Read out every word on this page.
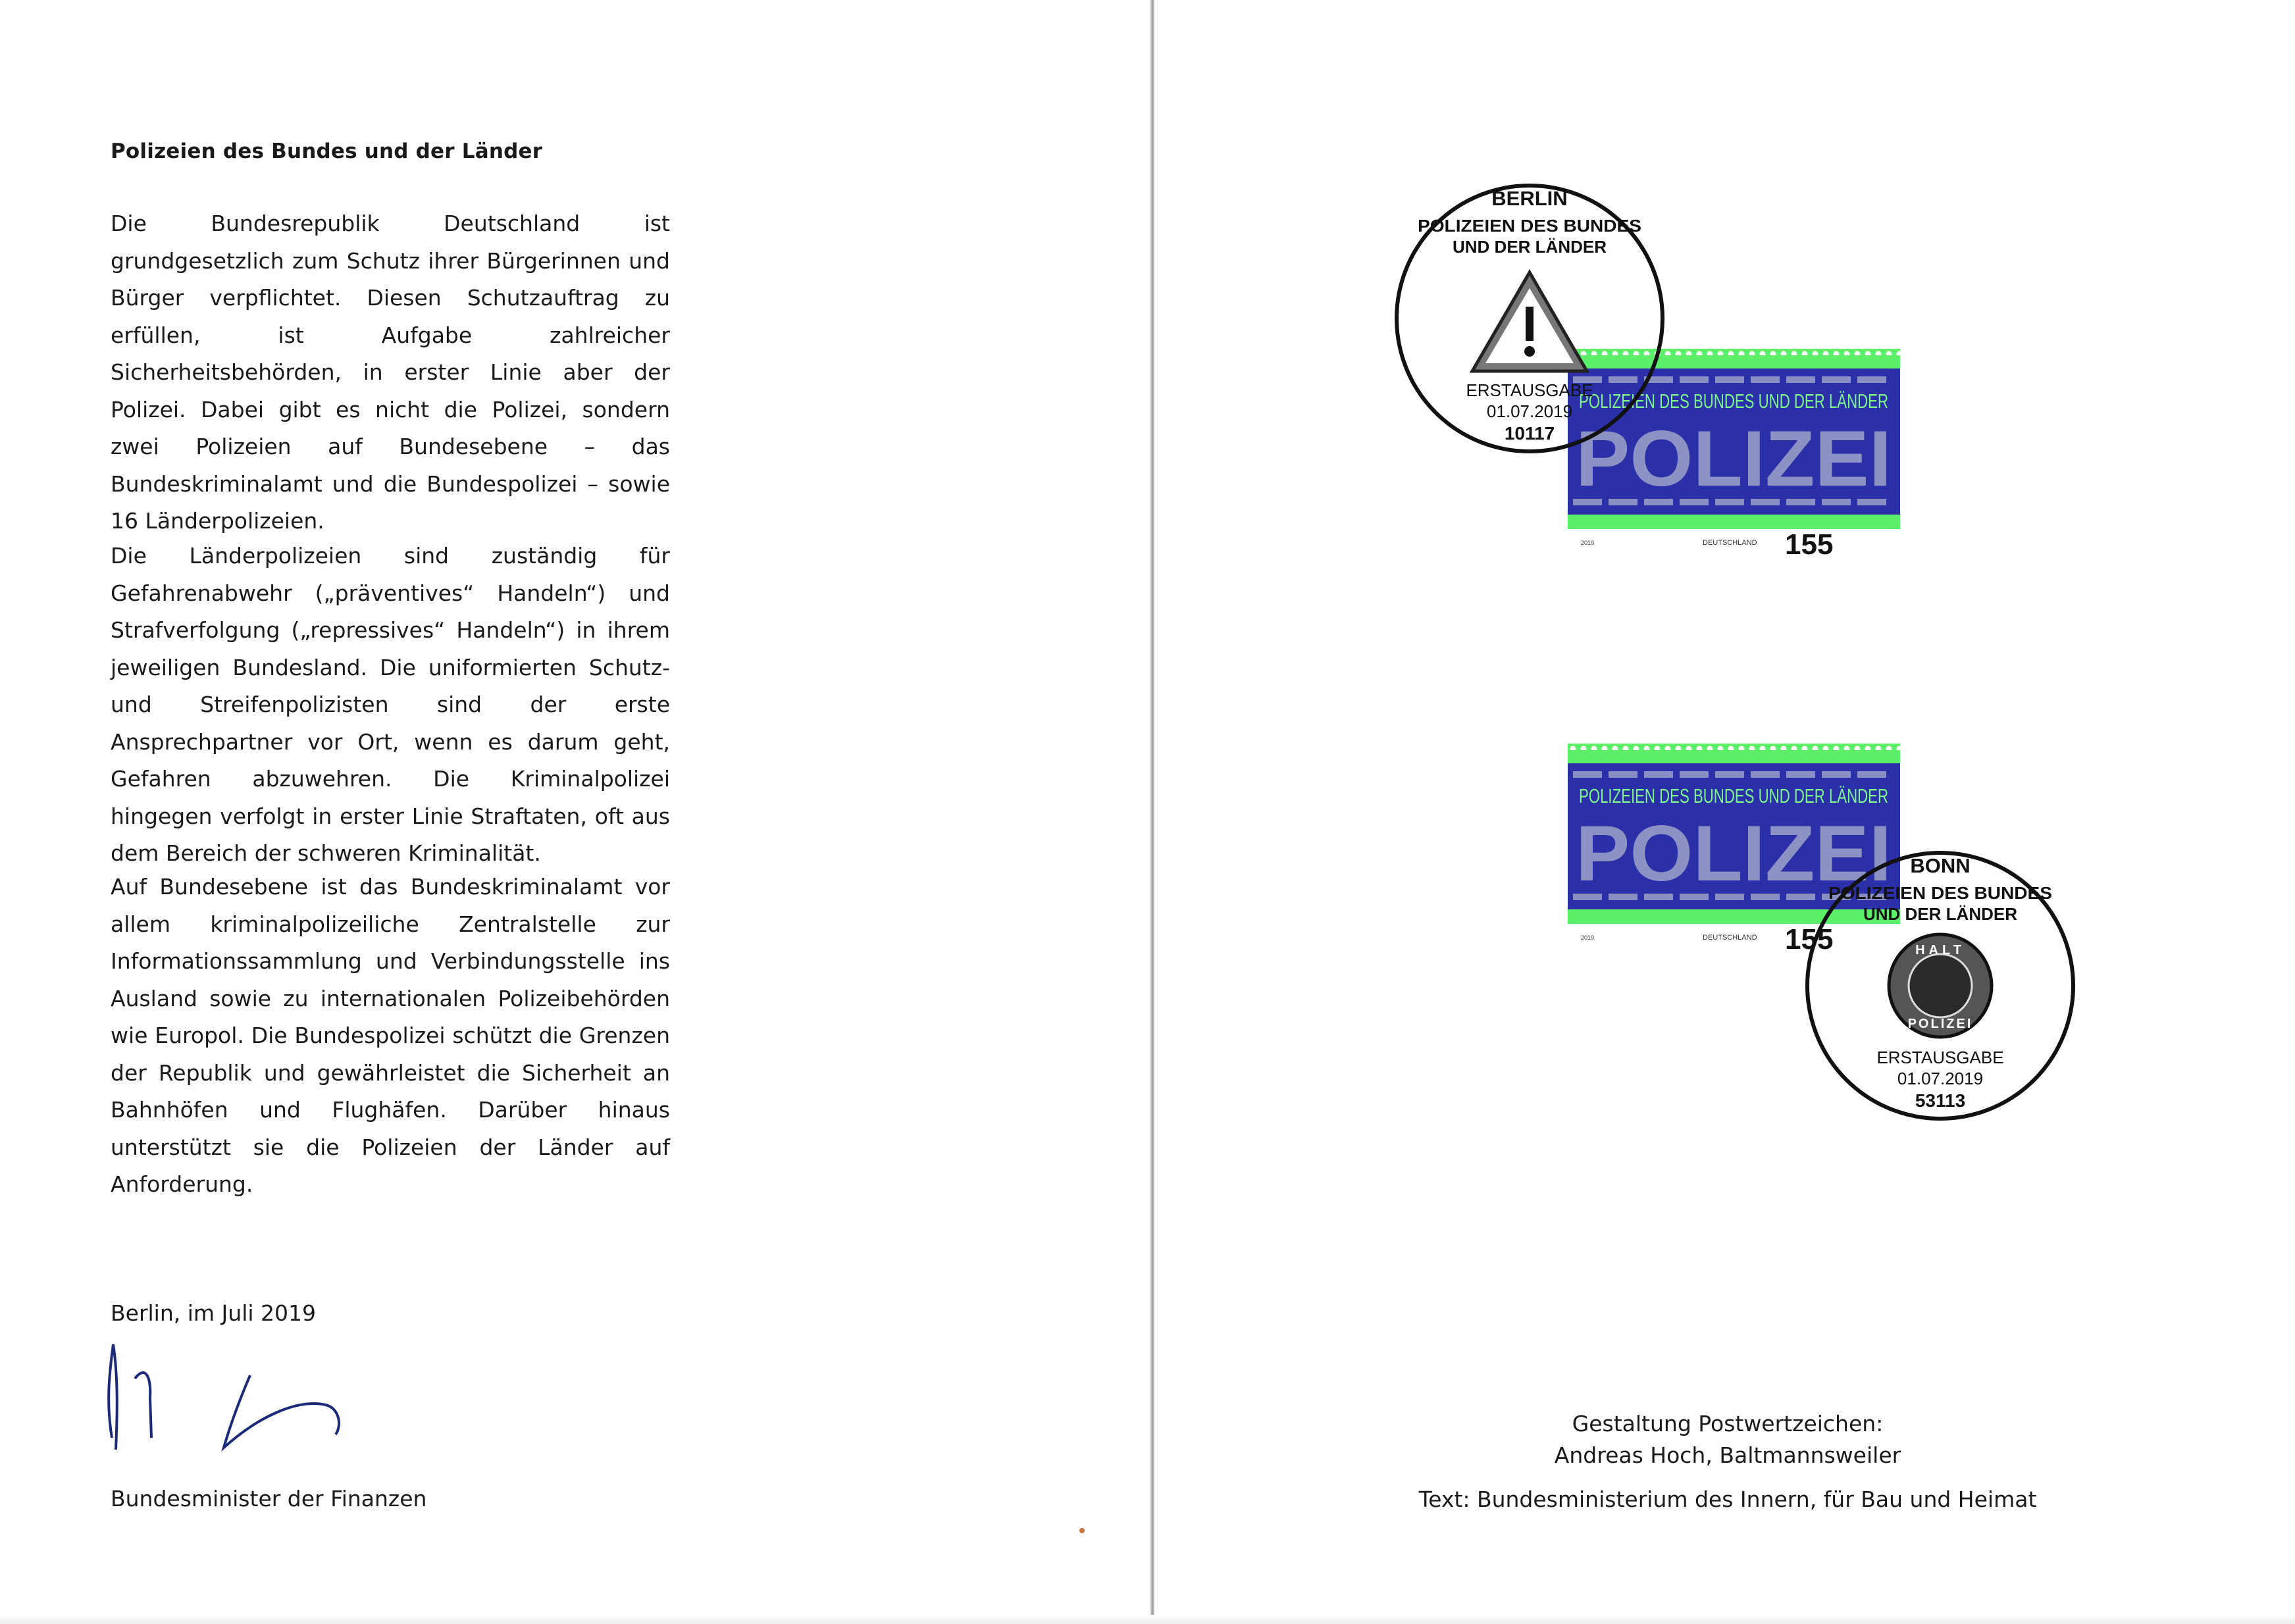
Polizeien des Bundes und der Länder

Die Bundesrepublik Deutschland ist grundgesetzlich zum Schutz ihrer Bürgerinnen und Bürger verpflichtet. Diesen Schutzauftrag zu erfüllen, ist Aufgabe zahlreicher Sicherheitsbehörden, in erster Linie aber der Polizei. Dabei gibt es nicht die Polizei, sondern zwei Polizeien auf Bundesebene – das Bundeskriminalamt und die Bundespolizei – sowie 16 Länderpolizeien.

Die Länderpolizeien sind zuständig für Gefahrenabwehr („präventives“ Handeln“) und Strafverfolgung („repressives“ Handeln“) in ihrem jeweiligen Bundesland. Die uniformierten Schutz- und Streifenpolizisten sind der erste Ansprechpartner vor Ort, wenn es darum geht, Gefahren abzuwehren. Die Kriminalpolizei hingegen verfolgt in erster Linie Straftaten, oft aus dem Bereich der schweren Kriminalität.

Auf Bundesebene ist das Bundeskriminalamt vor allem kriminalpolizeiliche Zentralstelle zur Informationssammlung und Verbindungsstelle ins Ausland sowie zu internationalen Polizeibehörden wie Europol. Die Bundespolizei schützt die Grenzen der Republik und gewährleistet die Sicherheit an Bahnhöfen und Flughäfen. Darüber hinaus unterstützt sie die Polizeien der Länder auf Anforderung.

Berlin, im Juli 2019
Bundesminister der Finanzen
POLIZEIEN DES BUNDES UND DER LÄNDER
POLIZEI
2019	DEUTSCHLAND 155
POLIZEIEN DES BUNDES UND DER LÄNDER
POLIZEI
2019	DEUTSCHLAND 155
BERLIN
POLIZEIEN DES BUNDES
UND DER LÄNDER
ERSTAUSGABE
01.07.2019
10117
BONN
POLIZEIEN DES BUNDES
UND DER LÄNDER
HALT
POLIZEI
ERSTAUSGABE
01.07.2019
53113
Gestaltung Postwertzeichen:
Andreas Hoch, Baltmannsweiler
Text: Bundesministerium des Innern, für Bau und Heimat
